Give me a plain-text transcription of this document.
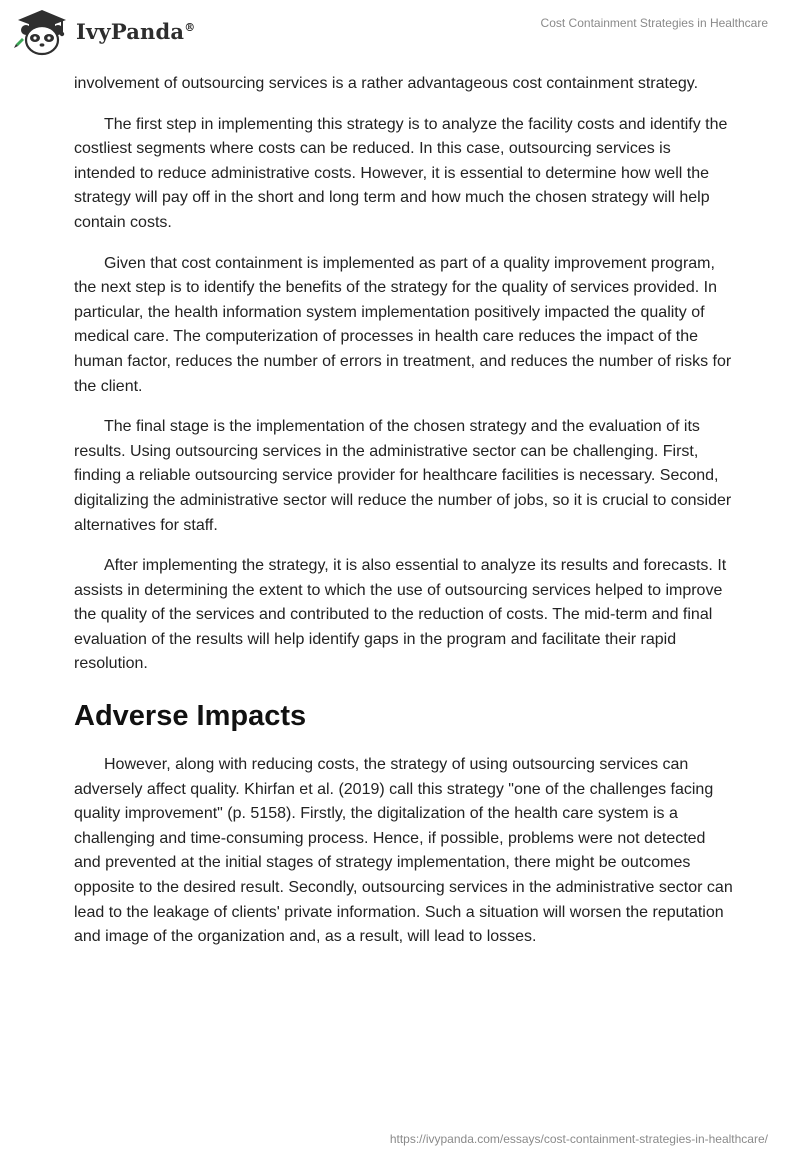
IvyPanda®	Cost Containment Strategies in Healthcare

involvement of outsourcing services is a rather advantageous cost containment strategy.

The first step in implementing this strategy is to analyze the facility costs and identify the costliest segments where costs can be reduced. In this case, outsourcing services is intended to reduce administrative costs. However, it is essential to determine how well the strategy will pay off in the short and long term and how much the chosen strategy will help contain costs.

Given that cost containment is implemented as part of a quality improvement program, the next step is to identify the benefits of the strategy for the quality of services provided. In particular, the health information system implementation positively impacted the quality of medical care. The computerization of processes in health care reduces the impact of the human factor, reduces the number of errors in treatment, and reduces the number of risks for the client.

The final stage is the implementation of the chosen strategy and the evaluation of its results. Using outsourcing services in the administrative sector can be challenging. First, finding a reliable outsourcing service provider for healthcare facilities is necessary. Second, digitalizing the administrative sector will reduce the number of jobs, so it is crucial to consider alternatives for staff.

After implementing the strategy, it is also essential to analyze its results and forecasts. It assists in determining the extent to which the use of outsourcing services helped to improve the quality of the services and contributed to the reduction of costs. The mid-term and final evaluation of the results will help identify gaps in the program and facilitate their rapid resolution.

Adverse Impacts

However, along with reducing costs, the strategy of using outsourcing services can adversely affect quality. Khirfan et al. (2019) call this strategy "one of the challenges facing quality improvement" (p. 5158). Firstly, the digitalization of the health care system is a challenging and time-consuming process. Hence, if possible, problems were not detected and prevented at the initial stages of strategy implementation, there might be outcomes opposite to the desired result. Secondly, outsourcing services in the administrative sector can lead to the leakage of clients' private information. Such a situation will worsen the reputation and image of the organization and, as a result, will lead to losses.

https://ivypanda.com/essays/cost-containment-strategies-in-healthcare/
